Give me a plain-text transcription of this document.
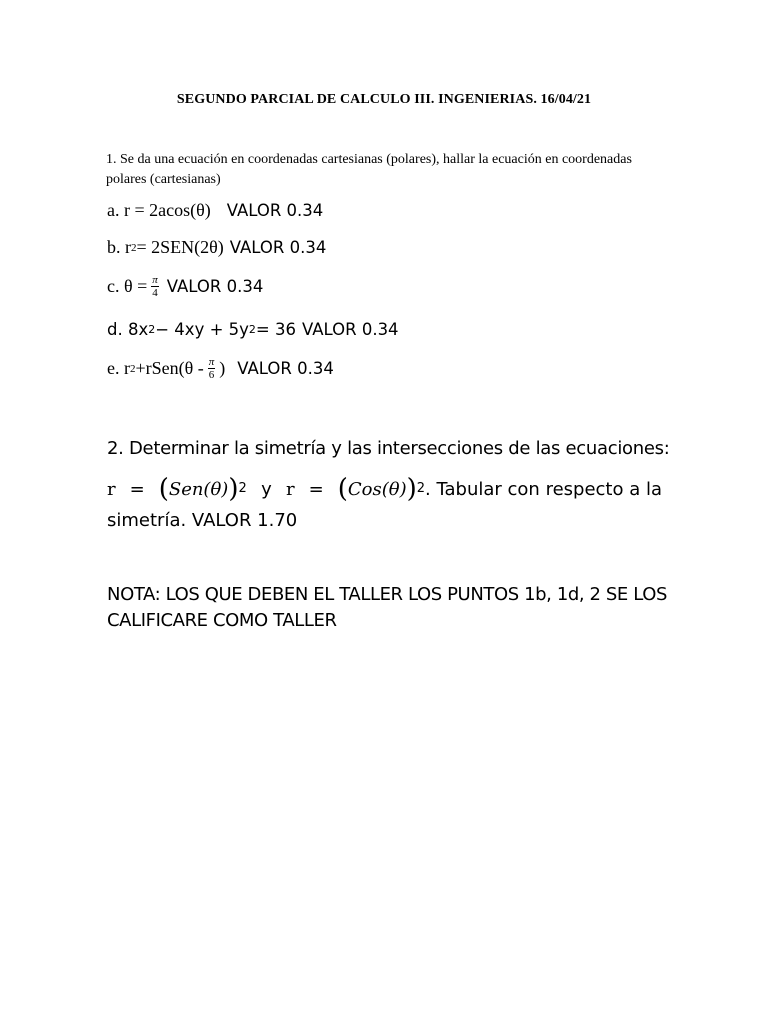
SEGUNDO PARCIAL DE CALCULO III. INGENIERIAS. 16/04/21
1. Se da una ecuación en coordenadas cartesianas (polares), hallar la ecuación en coordenadas polares (cartesianas)
a. r = 2acos(θ) VALOR 0.34
b. r 2 = 2SEN(2θ) VALOR 0.34
c. $\theta = \frac{\pi}{4}$ VALOR 0.34
d. 8x 2 − 4xy + 5y 2 = 36 VALOR 0.34
e. r 2 +rSen(θ - $\frac{\pi}{6}$ ) VALOR 0.34
2. Determinar la simetría y las intersecciones de las ecuaciones:
r = ( Sen(θ) ) 2 y r = ( Cos(θ) ) 2 . Tabular con respecto a la
simetría. VALOR 1.70
NOTA: LOS QUE DEBEN EL TALLER LOS PUNTOS 1b, 1d, 2 SE LOS CALIFICARE COMO TALLER
